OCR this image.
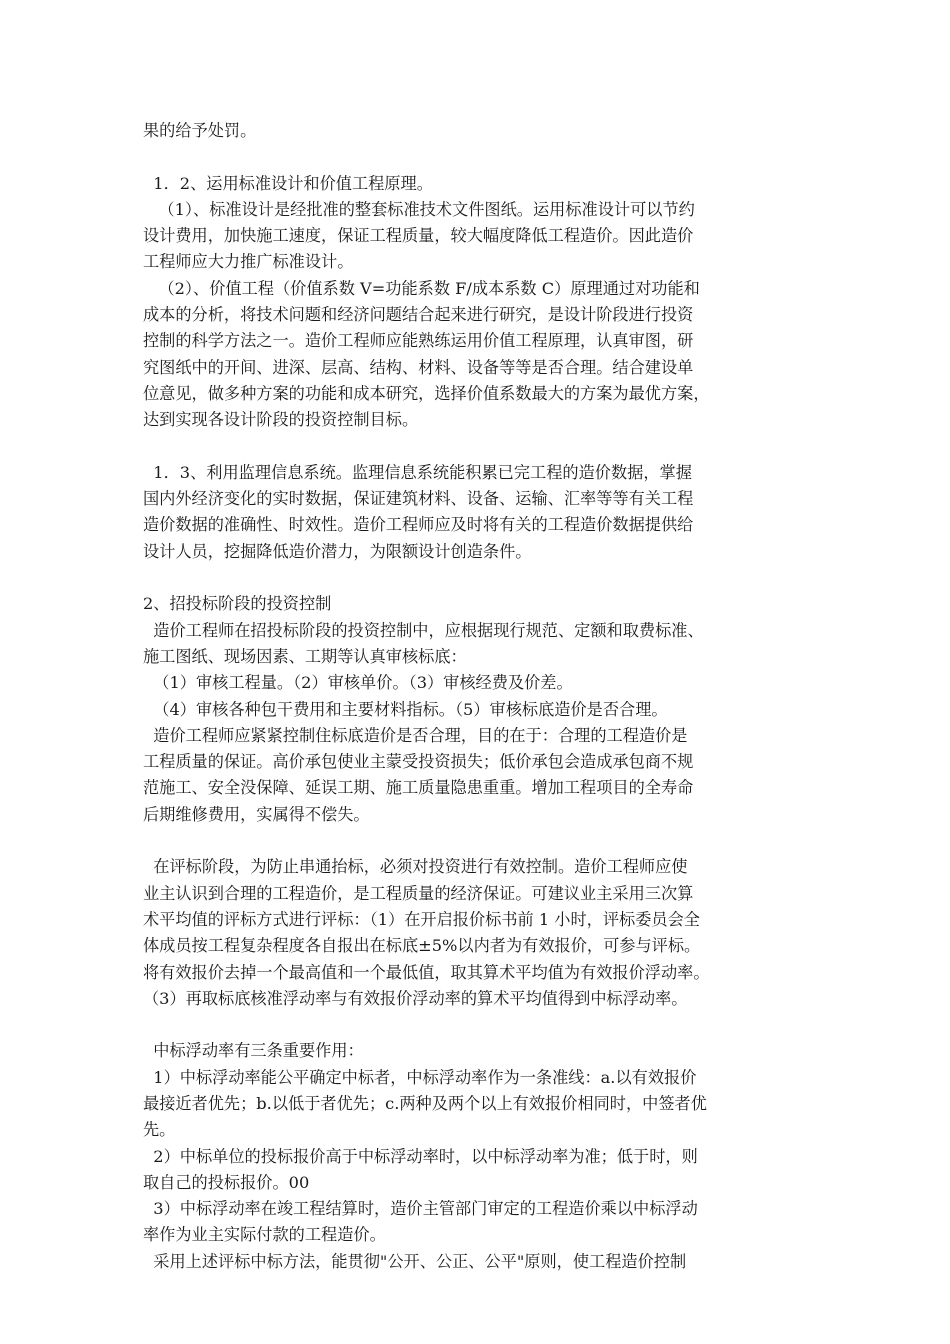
果的给予处罚。
1．2、运用标准设计和价值工程原理。
（1）、标准设计是经批准的整套标准技术文件图纸。运用标准设计可以节约
设计费用，加快施工速度，保证工程质量，较大幅度降低工程造价。因此造价
工程师应大力推广标准设计。
（2）、价值工程（价值系数 V=功能系数 F/成本系数 C）原理通过对功能和
成本的分析，将技术问题和经济问题结合起来进行研究，是设计阶段进行投资
控制的科学方法之一。造价工程师应能熟练运用价值工程原理，认真审图，研
究图纸中的开间、进深、层高、结构、材料、设备等等是否合理。结合建设单
位意见，做多种方案的功能和成本研究，选择价值系数最大的方案为最优方案，
达到实现各设计阶段的投资控制目标。
1．3、利用监理信息系统。监理信息系统能积累已完工程的造价数据，掌握
国内外经济变化的实时数据，保证建筑材料、设备、运输、汇率等等有关工程
造价数据的准确性、时效性。造价工程师应及时将有关的工程造价数据提供给
设计人员，挖掘降低造价潜力，为限额设计创造条件。
2、招投标阶段的投资控制
造价工程师在招投标阶段的投资控制中，应根据现行规范、定额和取费标准、
施工图纸、现场因素、工期等认真审核标底：
（1）审核工程量。（2）审核单价。（3）审核经费及价差。
（4）审核各种包干费用和主要材料指标。（5）审核标底造价是否合理。
造价工程师应紧紧控制住标底造价是否合理，目的在于：合理的工程造价是
工程质量的保证。高价承包使业主蒙受投资损失；低价承包会造成承包商不规
范施工、安全没保障、延误工期、施工质量隐患重重。增加工程项目的全寿命
后期维修费用，实属得不偿失。
在评标阶段，为防止串通抬标，必须对投资进行有效控制。造价工程师应使
业主认识到合理的工程造价，是工程质量的经济保证。可建议业主采用三次算
术平均值的评标方式进行评标：（1）在开启报价标书前 1 小时，评标委员会全
体成员按工程复杂程度各自报出在标底±5%以内者为有效报价，可参与评标。
将有效报价去掉一个最高值和一个最低值，取其算术平均值为有效报价浮动率。
（3）再取标底核准浮动率与有效报价浮动率的算术平均值得到中标浮动率。
中标浮动率有三条重要作用：
1）中标浮动率能公平确定中标者，中标浮动率作为一条准线：a.以有效报价
最接近者优先；b.以低于者优先；c.两种及两个以上有效报价相同时，中签者优
先。
2）中标单位的投标报价高于中标浮动率时，以中标浮动率为准；低于时，则
取自己的投标报价。00
3）中标浮动率在竣工程结算时，造价主管部门审定的工程造价乘以中标浮动
率作为业主实际付款的工程造价。
采用上述评标中标方法，能贯彻"公开、公正、公平"原则，使工程造价控制
